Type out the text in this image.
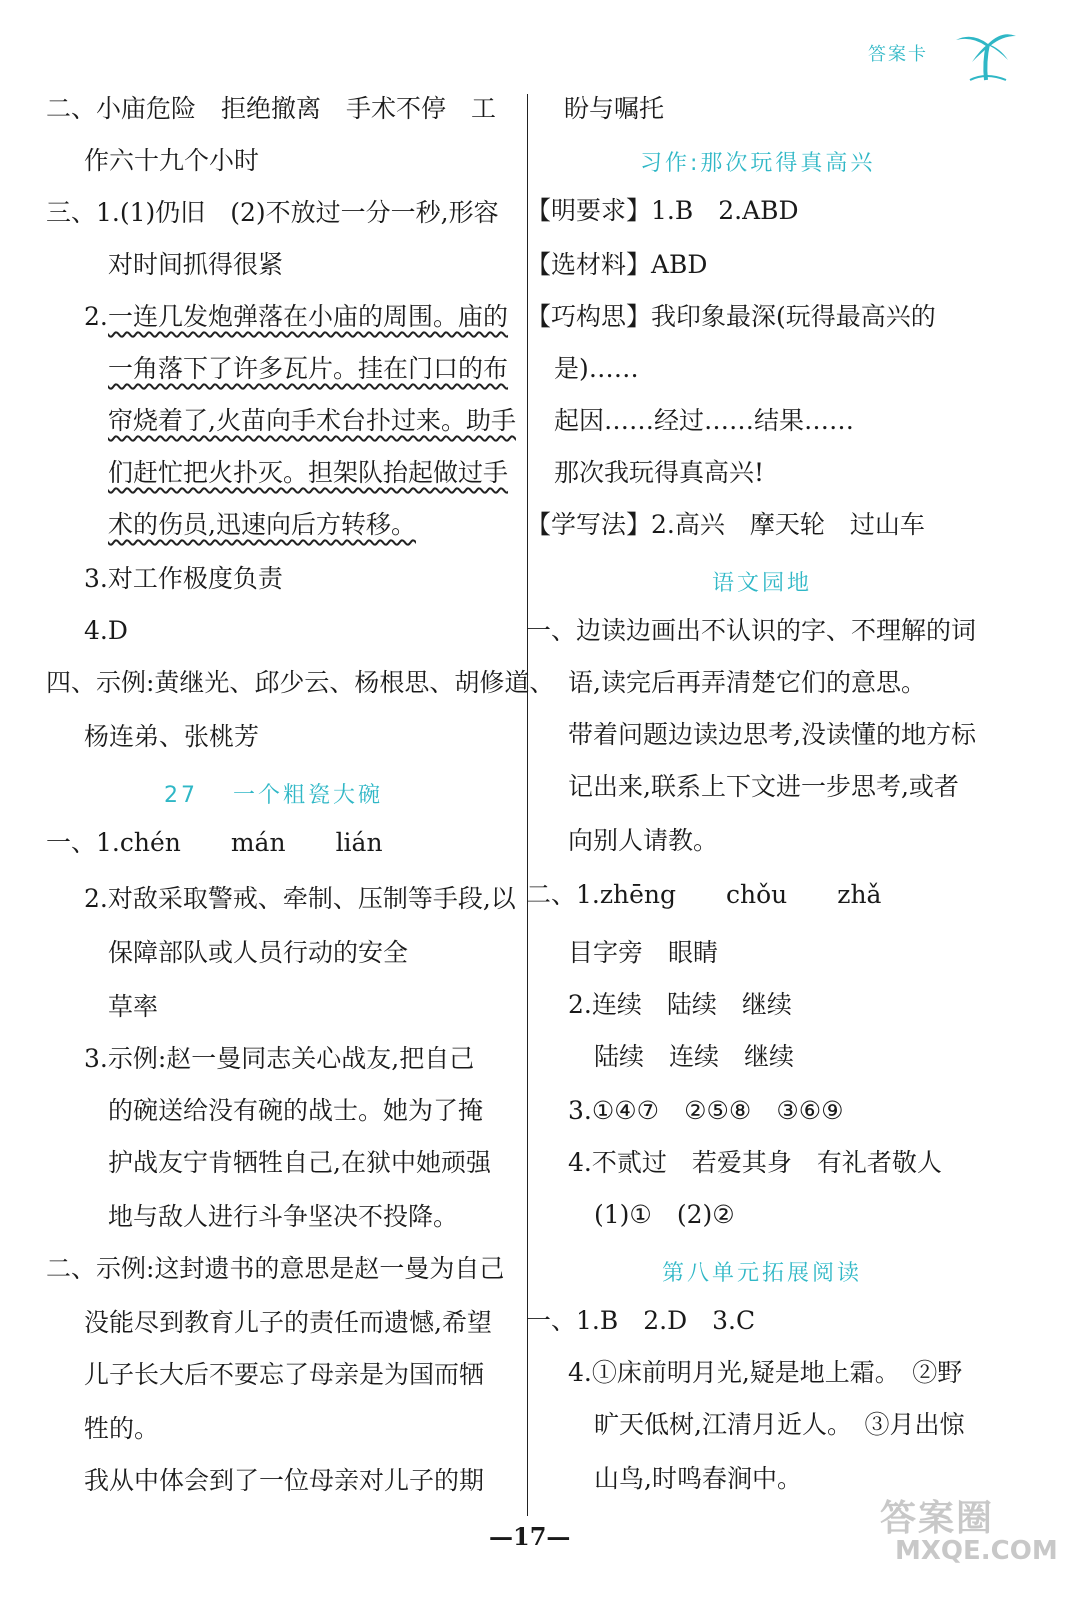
答案卡
二、小庙危险　拒绝撤离　手术不停　工
作六十九个小时
三、1.(1)仍旧　(2)不放过一分一秒,形容
对时间抓得很紧
2. 一连几发炮弹落在小庙的周围。庙的
一角落下了许多瓦片。挂在门口的布
帘烧着了,火苗向手术台扑过来。助手
们赶忙把火扑灭。担架队抬起做过手
术的伤员,迅速向后方转移。
3.对工作极度负责
4.D
四、示例:黄继光、邱少云、杨根思、胡修道、
杨连弟、张桃芳
一、1.chén　　mán　　lián
2.对敌采取警戒、牵制、压制等手段,以
保障部队或人员行动的安全
草率
3.示例:赵一曼同志关心战友,把自己
的碗送给没有碗的战士。她为了掩
护战友宁肯牺牲自己,在狱中她顽强
地与敌人进行斗争坚决不投降。
二、示例:这封遗书的意思是赵一曼为自己
没能尽到教育儿子的责任而遗憾,希望
儿子长大后不要忘了母亲是为国而牺
牲的。
我从中体会到了一位母亲对儿子的期
27　 一个粗瓷大碗
盼与嘱托
【明要求】1.B　2.ABD
【选材料】ABD
【巧构思】我印象最深(玩得最高兴的
是)……
起因……经过……结果……
那次我玩得真高兴!
【学写法】2.高兴　摩天轮　过山车
一、边读边画出不认识的字、不理解的词
语,读完后再弄清楚它们的意思。
带着问题边读边思考,没读懂的地方标
记出来,联系上下文进一步思考,或者
向别人请教。
二、1.zhēng　　chǒu　　zhǎ
目字旁　眼睛
2.连续　陆续　继续
陆续　连续　继续
3.①④⑦　②⑤⑧　③⑥⑨
4.不贰过　若爱其身　有礼者敬人
(1)①　(2)②
一、1.B　2.D　3.C
4.①床前明月光,疑是地上霜。　②野
旷天低树,江清月近人。　③月出惊
山鸟,时鸣春涧中。
习作:那次玩得真高兴
语文园地
第八单元拓展阅读
—17—	答案圈
MXQE.COM
